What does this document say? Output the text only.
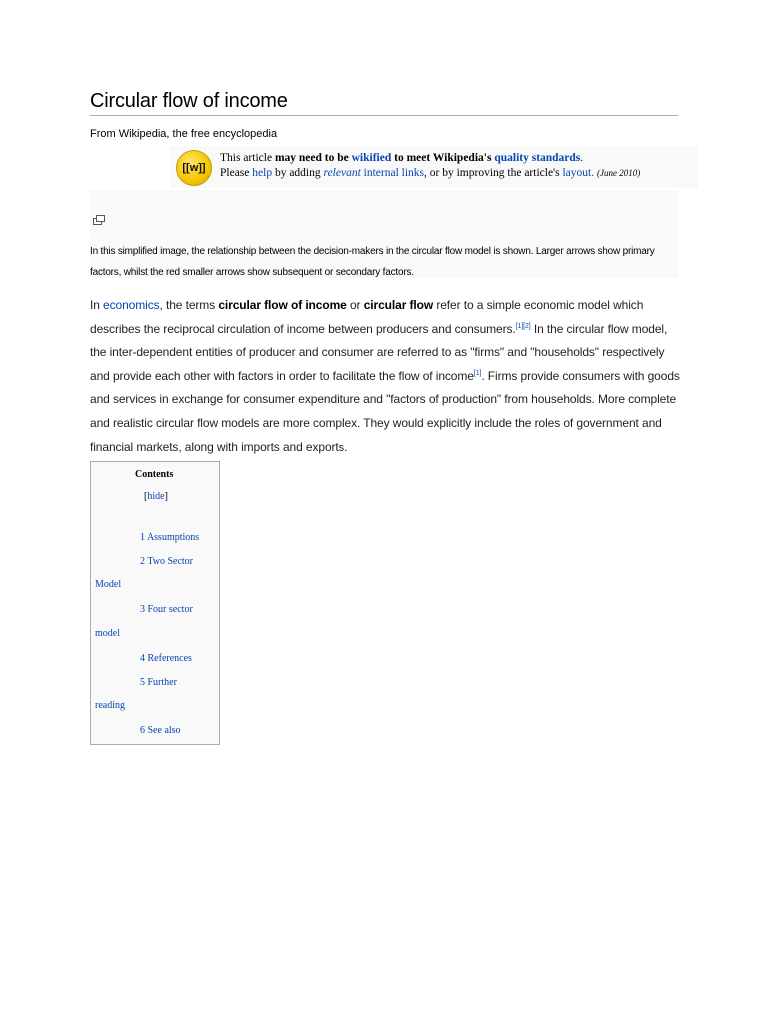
Circular flow of income
From Wikipedia, the free encyclopedia
[[w]]
This article may need to be wikified to meet Wikipedia's quality standards.
Please help by adding relevant internal links, or by improving the article's layout. (June 2010)
In this simplified image, the relationship between the decision-makers in the circular flow model is shown. Larger arrows show primary factors, whilst the red smaller arrows show subsequent or secondary factors.
In economics, the terms circular flow of income or circular flow refer to a simple economic model which describes the reciprocal circulation of income between producers and consumers.[1][2] In the circular flow model, the inter-dependent entities of producer and consumer are referred to as "firms" and "households" respectively and provide each other with factors in order to facilitate the flow of income[1]. Firms provide consumers with goods and services in exchange for consumer expenditure and "factors of production" from households. More complete and realistic circular flow models are more complex. They would explicitly include the roles of government and financial markets, along with imports and exports.
Contents
[hide]
1 Assumptions
2 Two Sector
Model
3 Four sector
model
4 References
5 Further
reading
6 See also
